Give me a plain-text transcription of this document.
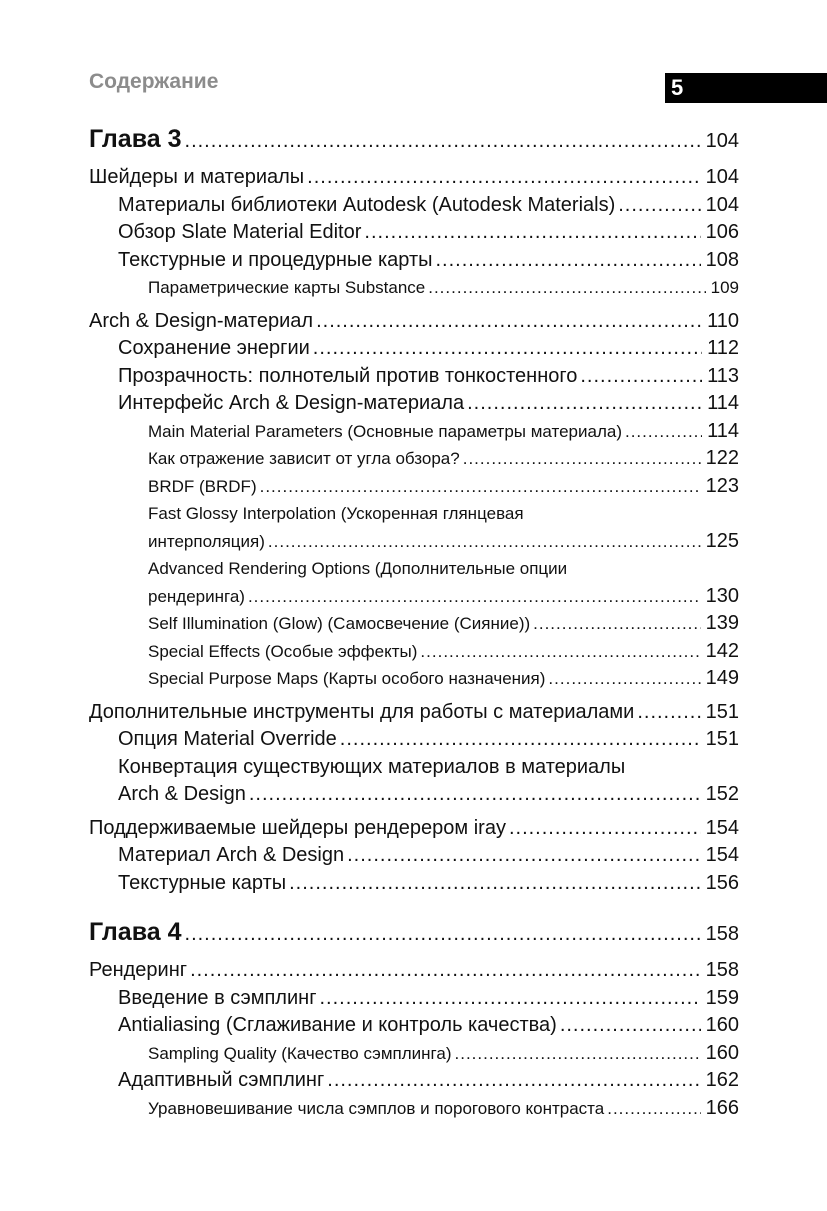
Содержание	5
Глава 3 .....	104
Шейдеры и материалы .....	104
Материалы библиотеки Autodesk (Autodesk Materials) .....	104
Обзор Slate Material Editor .....	106
Текстурные и процедурные карты .....	108
Параметрические карты Substance .....	109
Arch & Design-материал .....	110
Сохранение энергии .....	112
Прозрачность: полнотелый против тонкостенного .....	113
Интерфейс Arch & Design-материала .....	114
Main Material Parameters (Основные параметры материала) .....	114
Как отражение зависит от угла обзора? .....	122
BRDF (BRDF) .....	123
Fast Glossy Interpolation (Ускоренная глянцевая
интерполяция) .....	125
Advanced Rendering Options (Дополнительные опции
рендеринга) .....	130
Self Illumination (Glow) (Самосвечение (Сияние)) .....	139
Special Effects (Особые эффекты) .....	142
Special Purpose Maps (Карты особого назначения) .....	149
Дополнительные инструменты для работы с материалами .....	151
Опция Material Override .....	151
Конвертация существующих материалов в материалы
Arch & Design .....	152
Поддерживаемые шейдеры рендерером iray .....	154
Материал Arch & Design .....	154
Текстурные карты .....	156
Глава 4 .....	158
Рендеринг .....	158
Введение в сэмплинг .....	159
Antialiasing (Сглаживание и контроль качества) .....	160
Sampling Quality (Качество сэмплинга) .....	160
Адаптивный сэмплинг .....	162
Уравновешивание числа сэмплов и порогового контраста .....	166
